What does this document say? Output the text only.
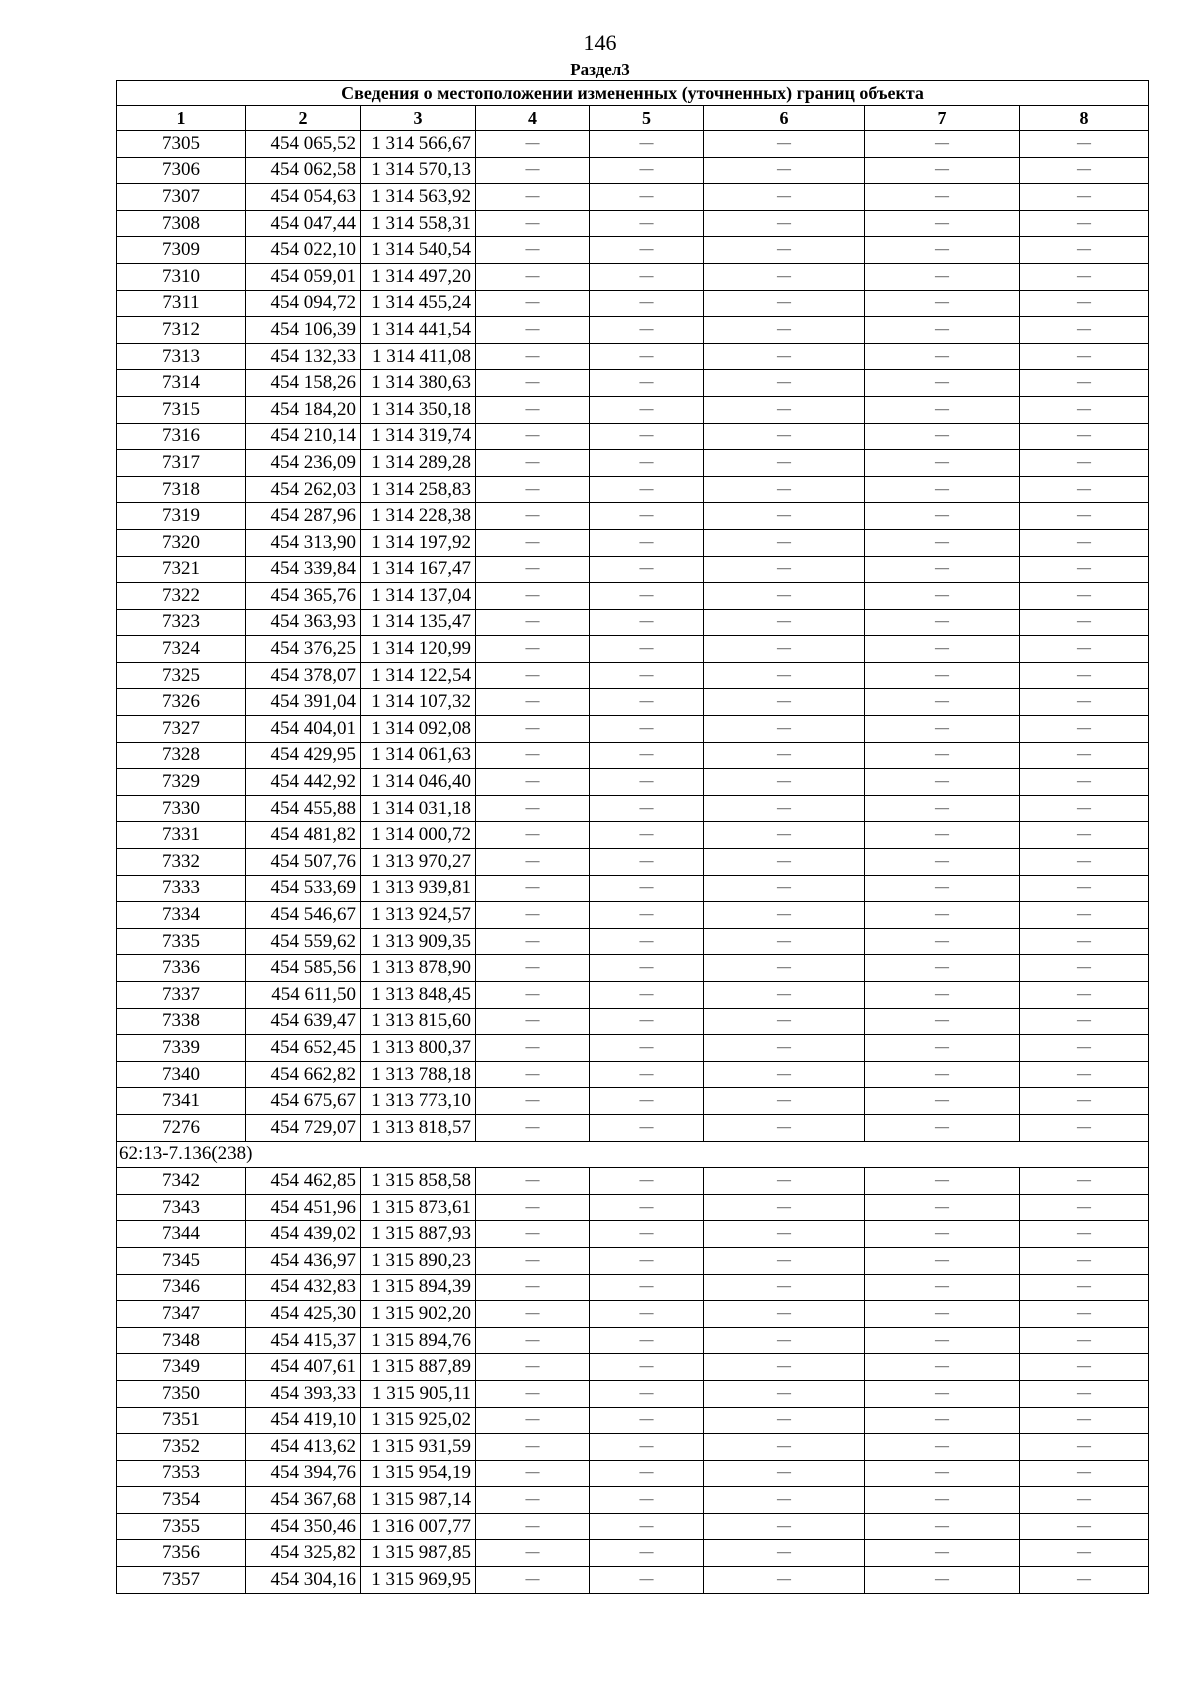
146
Раздел3
Сведения о местоположении измененных (уточненных) границ объекта							
1	2	3	4	5	6	7	8
7305	454 065,52	1 314 566,67	—	—	—	—	—
7306	454 062,58	1 314 570,13	—	—	—	—	—
7307	454 054,63	1 314 563,92	—	—	—	—	—
7308	454 047,44	1 314 558,31	—	—	—	—	—
7309	454 022,10	1 314 540,54	—	—	—	—	—
7310	454 059,01	1 314 497,20	—	—	—	—	—
7311	454 094,72	1 314 455,24	—	—	—	—	—
7312	454 106,39	1 314 441,54	—	—	—	—	—
7313	454 132,33	1 314 411,08	—	—	—	—	—
7314	454 158,26	1 314 380,63	—	—	—	—	—
7315	454 184,20	1 314 350,18	—	—	—	—	—
7316	454 210,14	1 314 319,74	—	—	—	—	—
7317	454 236,09	1 314 289,28	—	—	—	—	—
7318	454 262,03	1 314 258,83	—	—	—	—	—
7319	454 287,96	1 314 228,38	—	—	—	—	—
7320	454 313,90	1 314 197,92	—	—	—	—	—
7321	454 339,84	1 314 167,47	—	—	—	—	—
7322	454 365,76	1 314 137,04	—	—	—	—	—
7323	454 363,93	1 314 135,47	—	—	—	—	—
7324	454 376,25	1 314 120,99	—	—	—	—	—
7325	454 378,07	1 314 122,54	—	—	—	—	—
7326	454 391,04	1 314 107,32	—	—	—	—	—
7327	454 404,01	1 314 092,08	—	—	—	—	—
7328	454 429,95	1 314 061,63	—	—	—	—	—
7329	454 442,92	1 314 046,40	—	—	—	—	—
7330	454 455,88	1 314 031,18	—	—	—	—	—
7331	454 481,82	1 314 000,72	—	—	—	—	—
7332	454 507,76	1 313 970,27	—	—	—	—	—
7333	454 533,69	1 313 939,81	—	—	—	—	—
7334	454 546,67	1 313 924,57	—	—	—	—	—
7335	454 559,62	1 313 909,35	—	—	—	—	—
7336	454 585,56	1 313 878,90	—	—	—	—	—
7337	454 611,50	1 313 848,45	—	—	—	—	—
7338	454 639,47	1 313 815,60	—	—	—	—	—
7339	454 652,45	1 313 800,37	—	—	—	—	—
7340	454 662,82	1 313 788,18	—	—	—	—	—
7341	454 675,67	1 313 773,10	—	—	—	—	—
7276	454 729,07	1 313 818,57	—	—	—	—	—
62:13-7.136(238)							
7342	454 462,85	1 315 858,58	—	—	—	—	—
7343	454 451,96	1 315 873,61	—	—	—	—	—
7344	454 439,02	1 315 887,93	—	—	—	—	—
7345	454 436,97	1 315 890,23	—	—	—	—	—
7346	454 432,83	1 315 894,39	—	—	—	—	—
7347	454 425,30	1 315 902,20	—	—	—	—	—
7348	454 415,37	1 315 894,76	—	—	—	—	—
7349	454 407,61	1 315 887,89	—	—	—	—	—
7350	454 393,33	1 315 905,11	—	—	—	—	—
7351	454 419,10	1 315 925,02	—	—	—	—	—
7352	454 413,62	1 315 931,59	—	—	—	—	—
7353	454 394,76	1 315 954,19	—	—	—	—	—
7354	454 367,68	1 315 987,14	—	—	—	—	—
7355	454 350,46	1 316 007,77	—	—	—	—	—
7356	454 325,82	1 315 987,85	—	—	—	—	—
7357	454 304,16	1 315 969,95	—	—	—	—	—
